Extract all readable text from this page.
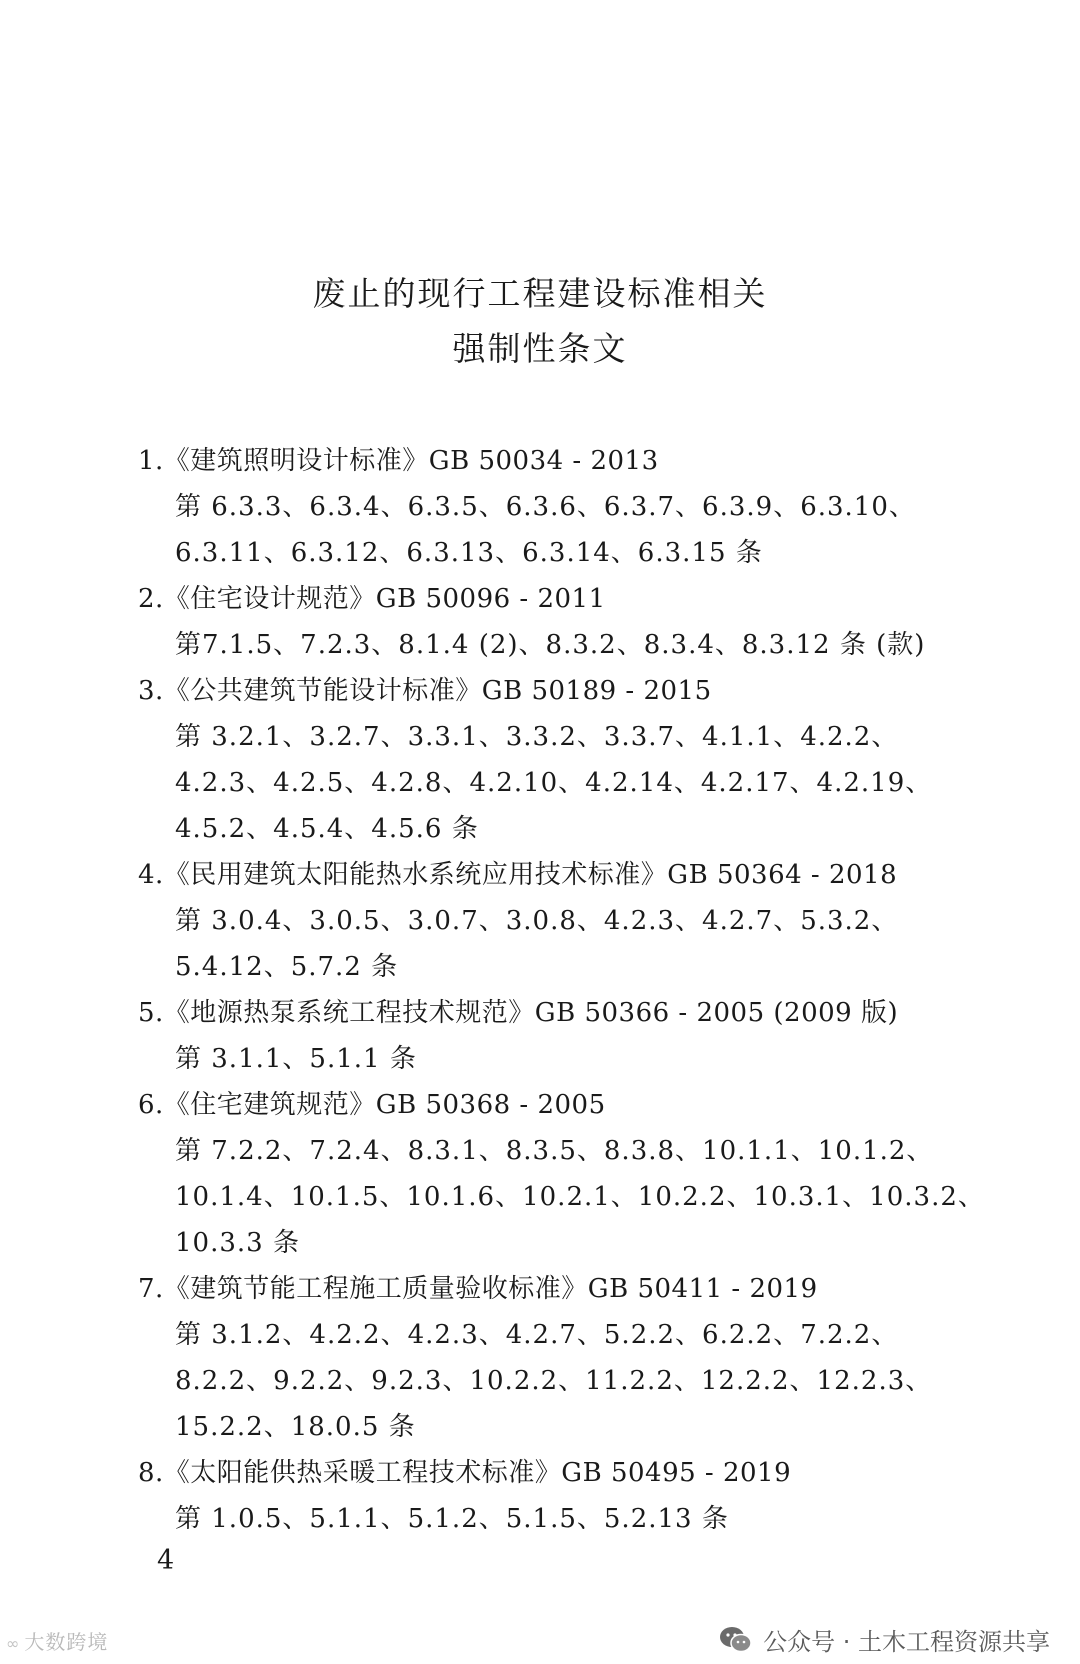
废止的现行工程建设标准相关
强制性条文
1.《建筑照明设计标准》GB 50034 - 2013
第 6.3.3、6.3.4、6.3.5、6.3.6、6.3.7、6.3.9、6.3.10、
6.3.11、6.3.12、6.3.13、6.3.14、6.3.15 条
2.《住宅设计规范》GB 50096 - 2011
第7.1.5、7.2.3、8.1.4 (2)、8.3.2、8.3.4、8.3.12 条 (款)
3.《公共建筑节能设计标准》GB 50189 - 2015
第 3.2.1、3.2.7、3.3.1、3.3.2、3.3.7、4.1.1、4.2.2、
4.2.3、4.2.5、4.2.8、4.2.10、4.2.14、4.2.17、4.2.19、
4.5.2、4.5.4、4.5.6 条
4.《民用建筑太阳能热水系统应用技术标准》GB 50364 - 2018
第 3.0.4、3.0.5、3.0.7、3.0.8、4.2.3、4.2.7、5.3.2、
5.4.12、5.7.2 条
5.《地源热泵系统工程技术规范》GB 50366 - 2005 (2009 版)
第 3.1.1、5.1.1 条
6.《住宅建筑规范》GB 50368 - 2005
第 7.2.2、7.2.4、8.3.1、8.3.5、8.3.8、10.1.1、10.1.2、
10.1.4、10.1.5、10.1.6、10.2.1、10.2.2、10.3.1、10.3.2、
10.3.3 条
7.《建筑节能工程施工质量验收标准》GB 50411 - 2019
第 3.1.2、4.2.2、4.2.3、4.2.7、5.2.2、6.2.2、7.2.2、
8.2.2、9.2.2、9.2.3、10.2.2、11.2.2、12.2.2、12.2.3、
15.2.2、18.0.5 条
8.《太阳能供热采暖工程技术标准》GB 50495 - 2019
第 1.0.5、5.1.1、5.1.2、5.1.5、5.2.13 条
4
∞ 大数跨境	公众号 · 土木工程资源共享
